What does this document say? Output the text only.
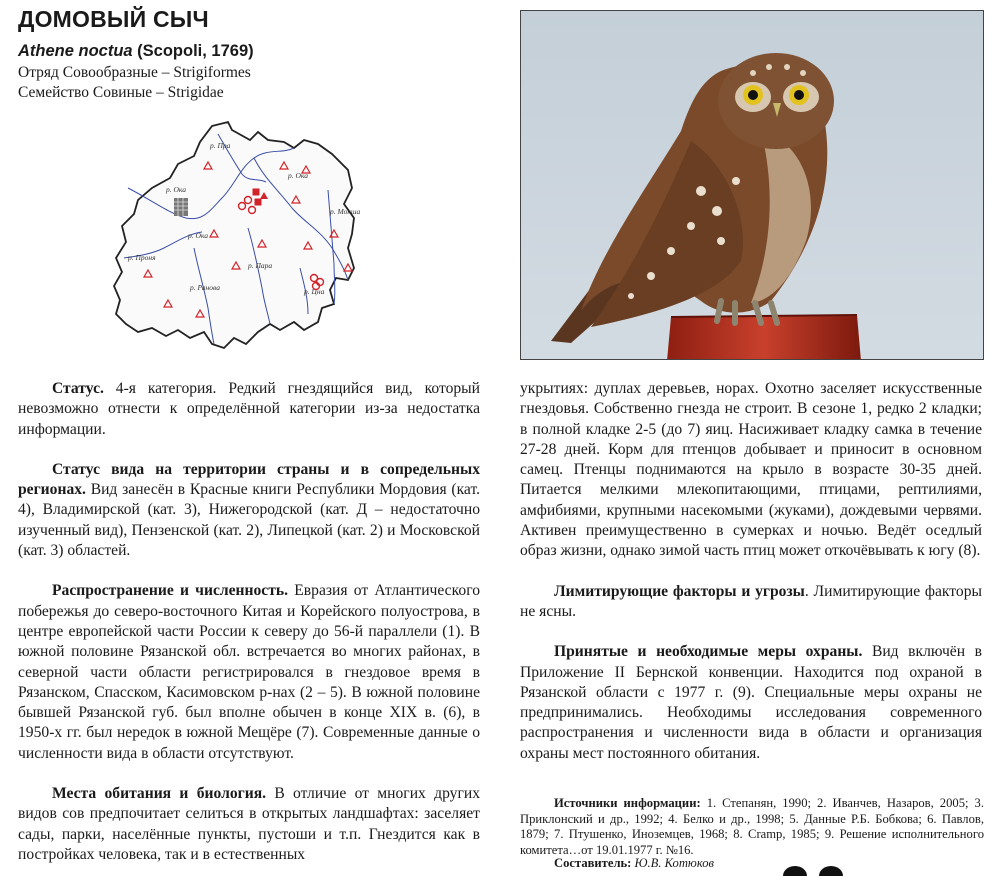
ДОМОВЫЙ СЫЧ
Athene noctua (Scopoli, 1769)
Отряд Совообразные – Strigiformes
Семейство Совиные – Strigidae
р. Проня
р. Ока
р. Ока
р. Пра
р. Мокша
р. Пара
р. Ранова
р. Ока
р. Цна

Статус. 4-я категория. Редкий гнездящийся вид, который невозможно отнести к определённой категории из-за недостатка информации.

Статус вида на территории страны и в сопредельных регионах. Вид занесён в Красные книги Республики Мордовия (кат. 4), Владимирской (кат. 3), Нижегородской (кат. Д – недостаточно изученный вид), Пензенской (кат. 2), Липецкой (кат. 2) и Московской (кат. 3) областей.

Распространение и численность. Евразия от Атлантического побережья до северо-восточного Китая и Корейского полуострова, в центре европейской части России к северу до 56-й параллели (1). В южной половине Рязанской обл. встречается во многих районах, в северной части области регистрировался в гнездовое время в Рязанском, Спасском, Касимовском р-нах (2 – 5). В южной половине бывшей Рязанской губ. был вполне обычен в конце XIX в. (6), в 1950-х гг. был нередок в южной Мещёре (7). Современные данные о численности вида в области отсутствуют.

Места обитания и биология. В отличие от многих других видов сов предпочитает селиться в открытых ландшафтах: заселяет сады, парки, населённые пункты, пустоши и т.п. Гнездится как в постройках человека, так и в естественных

укрытиях: дуплах деревьев, норах. Охотно заселяет искусственные гнездовья. Собственно гнезда не строит. В сезоне 1, редко 2 кладки; в полной кладке 2-5 (до 7) яиц. Насиживает кладку самка в течение 27-28 дней. Корм для птенцов добывает и приносит в основном самец. Птенцы поднимаются на крыло в возрасте 30-35 дней. Питается мелкими млекопитающими, птицами, рептилиями, амфибиями, крупными насекомыми (жуками), дождевыми червями. Активен преимущественно в сумерках и ночью. Ведёт оседлый образ жизни, однако зимой часть птиц может откочёвывать к югу (8).

Лимитирующие факторы и угрозы. Лимитирующие факторы не ясны.

Принятые и необходимые меры охраны. Вид включён в Приложение II Бернской конвенции. Находится под охраной в Рязанской области с 1977 г. (9). Специальные меры охраны не предпринимались. Необходимы исследования современного распространения и численности вида в области и организация охраны мест постоянного обитания.

Источники информации: 1. Степанян, 1990; 2. Иванчев, Назаров, 2005; 3. Приклонский и др., 1992; 4. Белко и др., 1998; 5. Данные Р.Б. Бобкова; 6. Павлов, 1879; 7. Птушенко, Иноземцев, 1968; 8. Cramp, 1985; 9. Решение исполнительного комитета…от 19.01.1977 г. №16.

Составитель: Ю.В. Котюков
